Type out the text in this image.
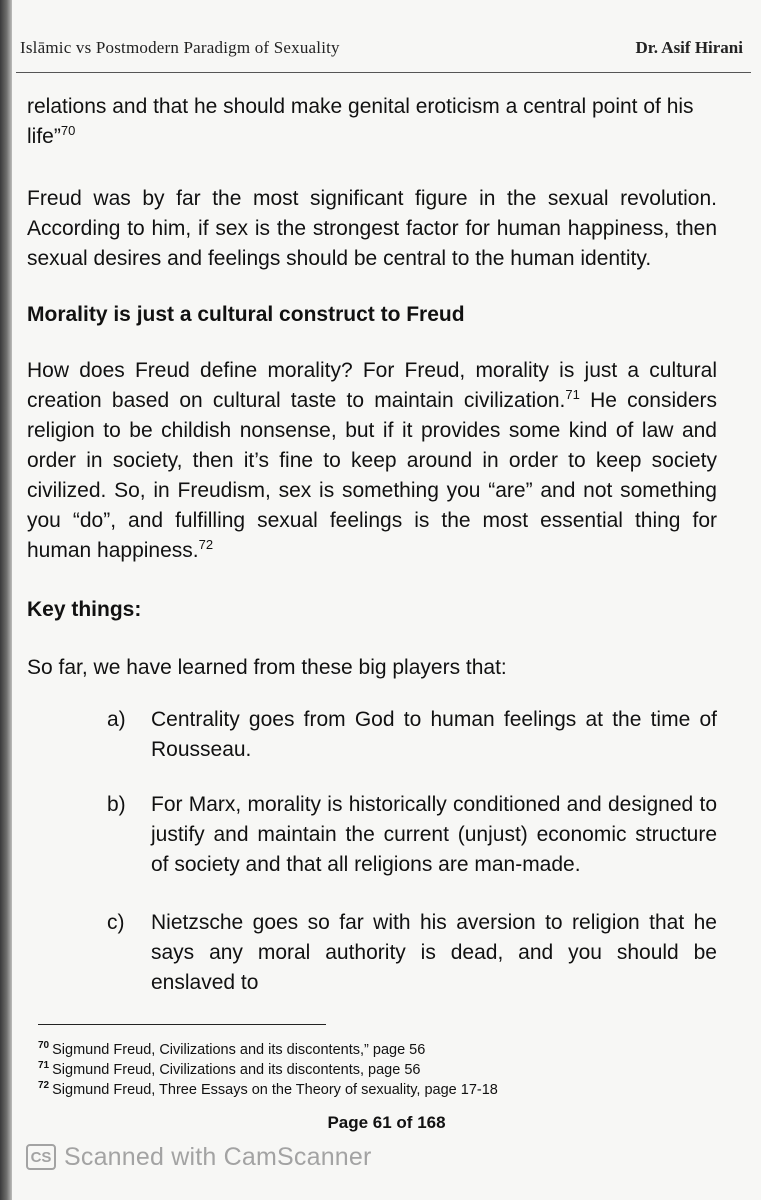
Islāmic vs Postmodern Paradigm of Sexuality	Dr. Asif Hirani

relations and that he should make genital eroticism a central point of his
life”$^{70}$

Freud was by far the most significant figure in the sexual revolution. According to him, if sex is the strongest factor for human happiness, then sexual desires and feelings should be central to the human identity.

Morality is just a cultural construct to Freud

How does Freud define morality? For Freud, morality is just a cultural creation based on cultural taste to maintain civilization.$^{71}$ He considers religion to be childish nonsense, but if it provides some kind of law and order in society, then it’s fine to keep around in order to keep society civilized. So, in Freudism, sex is something you “are” and not something you “do”, and fulfilling sexual feelings is the most essential thing for human happiness.$^{72}$

Key things:

So far, we have learned from these big players that:

a)	Centrality goes from God to human feelings at the time of Rousseau.
b)	For Marx, morality is historically conditioned and designed to justify and maintain the current (unjust) economic structure of society and that all religions are man-made.
c)	Nietzsche goes so far with his aversion to religion that he says any moral authority is dead, and you should be enslaved to
$^{70}$ Sigmund Freud, Civilizations and its discontents,” page 56
$^{71}$ Sigmund Freud, Civilizations and its discontents, page 56
$^{72}$ Sigmund Freud, Three Essays on the Theory of sexuality, page 17-18
Page 61 of 168
CS Scanned with CamScanner
